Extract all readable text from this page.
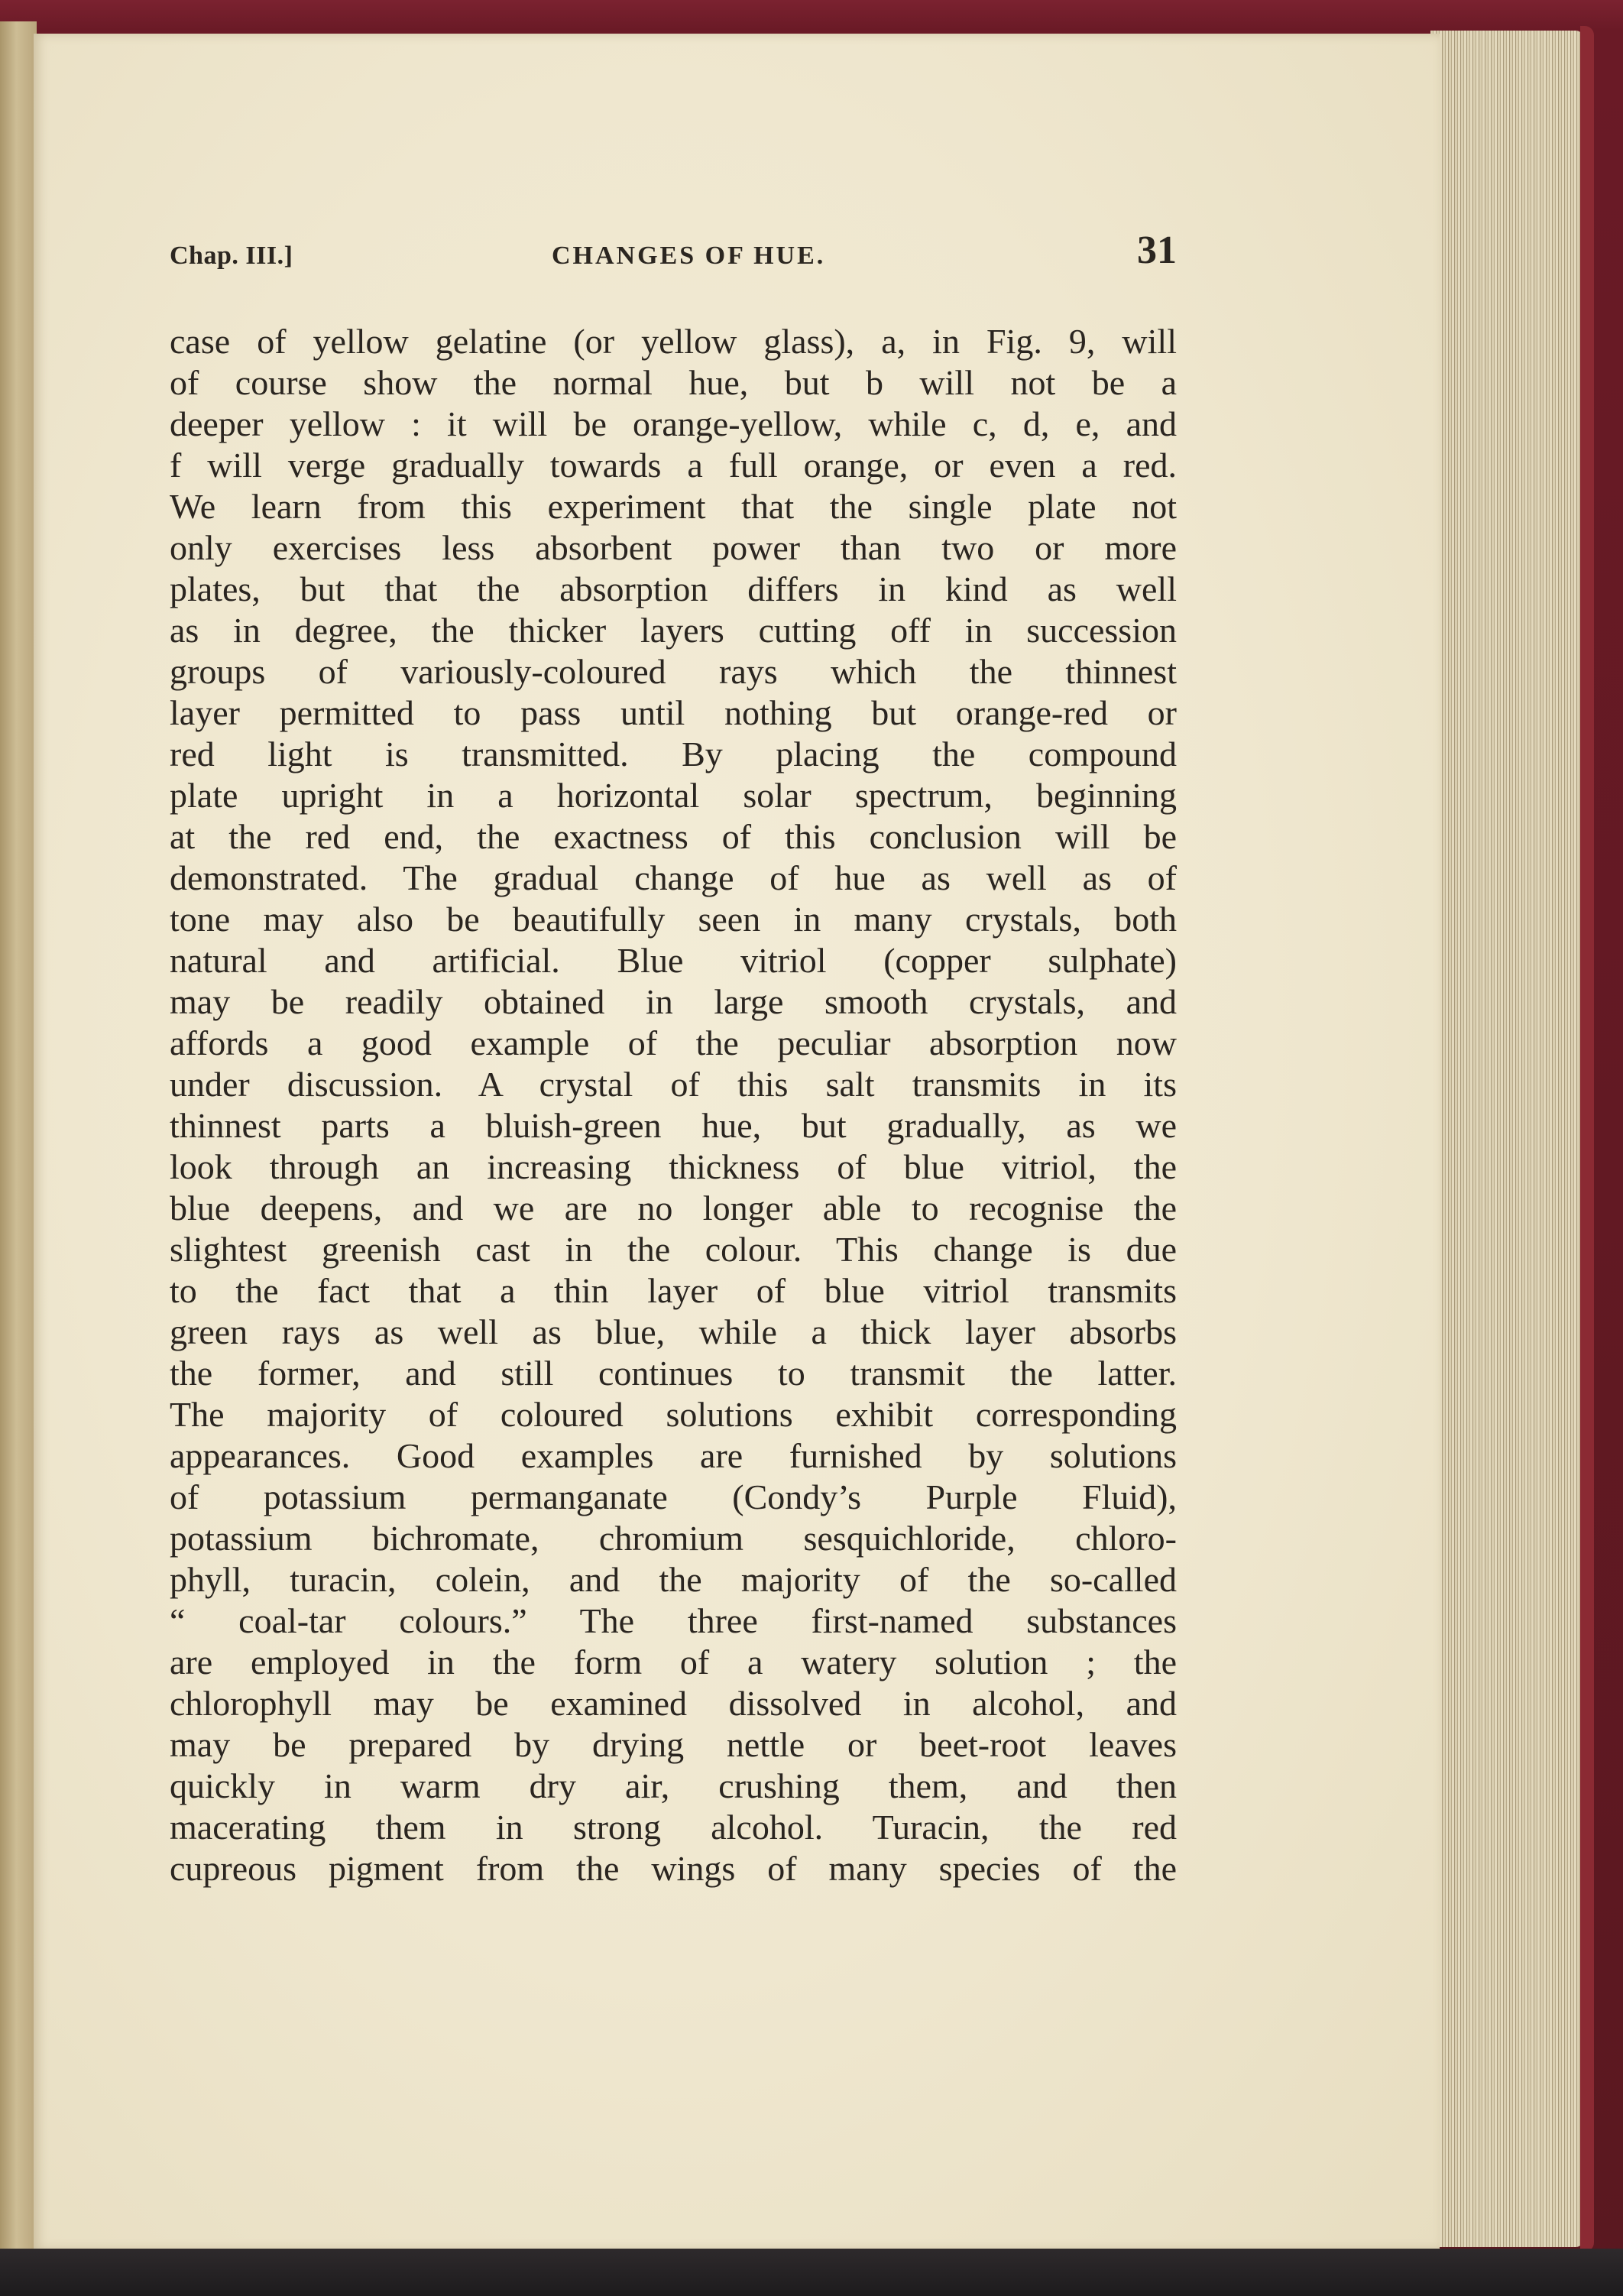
Chap. III.]	CHANGES OF HUE.	31
case of yellow gelatine (or yellow glass), a, in Fig. 9, will
of course show the normal hue, but b will not be a
deeper yellow : it will be orange-yellow, while c, d, e, and
f will verge gradually towards a full orange, or even a red.
We learn from this experiment that the single plate not
only exercises less absorbent power than two or more
plates, but that the absorption differs in kind as well
as in degree, the thicker layers cutting off in succession
groups of variously-coloured rays which the thinnest
layer permitted to pass until nothing but orange-red or
red light is transmitted. By placing the compound
plate upright in a horizontal solar spectrum, beginning
at the red end, the exactness of this conclusion will be
demonstrated. The gradual change of hue as well as of
tone may also be beautifully seen in many crystals, both
natural and artificial. Blue vitriol (copper sulphate)
may be readily obtained in large smooth crystals, and
affords a good example of the peculiar absorption now
under discussion. A crystal of this salt transmits in its
thinnest parts a bluish-green hue, but gradually, as we
look through an increasing thickness of blue vitriol, the
blue deepens, and we are no longer able to recognise the
slightest greenish cast in the colour. This change is due
to the fact that a thin layer of blue vitriol transmits
green rays as well as blue, while a thick layer absorbs
the former, and still continues to transmit the latter.
The majority of coloured solutions exhibit corresponding
appearances. Good examples are furnished by solutions
of potassium permanganate (Condy’s Purple Fluid),
potassium bichromate, chromium sesquichloride, chloro-
phyll, turacin, colein, and the majority of the so-called
“ coal-tar colours.” The three first-named substances
are employed in the form of a watery solution ; the
chlorophyll may be examined dissolved in alcohol, and
may be prepared by drying nettle or beet-root leaves
quickly in warm dry air, crushing them, and then
macerating them in strong alcohol. Turacin, the red
cupreous pigment from the wings of many species of the
